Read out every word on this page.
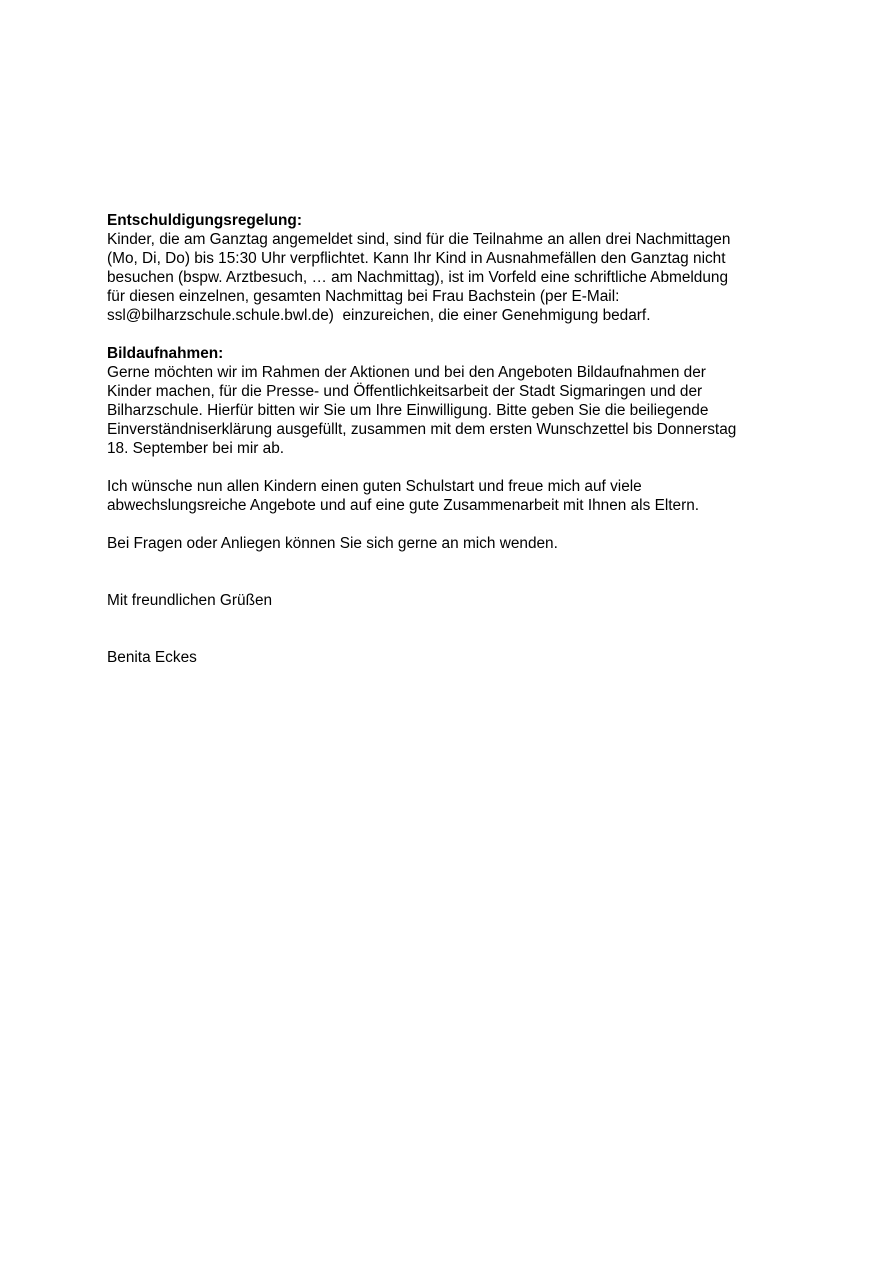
Entschuldigungsregelung:

Kinder, die am Ganztag angemeldet sind, sind für die Teilnahme an allen drei Nachmittagen

(Mo, Di, Do) bis 15:30 Uhr verpflichtet. Kann Ihr Kind in Ausnahmefällen den Ganztag nicht

besuchen (bspw. Arztbesuch, … am Nachmittag), ist im Vorfeld eine schriftliche Abmeldung

für diesen einzelnen, gesamten Nachmittag bei Frau Bachstein (per E-Mail:

ssl@bilharzschule.schule.bwl.de)  einzureichen, die einer Genehmigung bedarf.

Bildaufnahmen:

Gerne möchten wir im Rahmen der Aktionen und bei den Angeboten Bildaufnahmen der

Kinder machen, für die Presse- und Öffentlichkeitsarbeit der Stadt Sigmaringen und der

Bilharzschule. Hierfür bitten wir Sie um Ihre Einwilligung. Bitte geben Sie die beiliegende

Einverständniserklärung ausgefüllt, zusammen mit dem ersten Wunschzettel bis Donnerstag

18. September bei mir ab.

Ich wünsche nun allen Kindern einen guten Schulstart und freue mich auf viele

abwechslungsreiche Angebote und auf eine gute Zusammenarbeit mit Ihnen als Eltern.

Bei Fragen oder Anliegen können Sie sich gerne an mich wenden.

Mit freundlichen Grüßen

Benita Eckes
